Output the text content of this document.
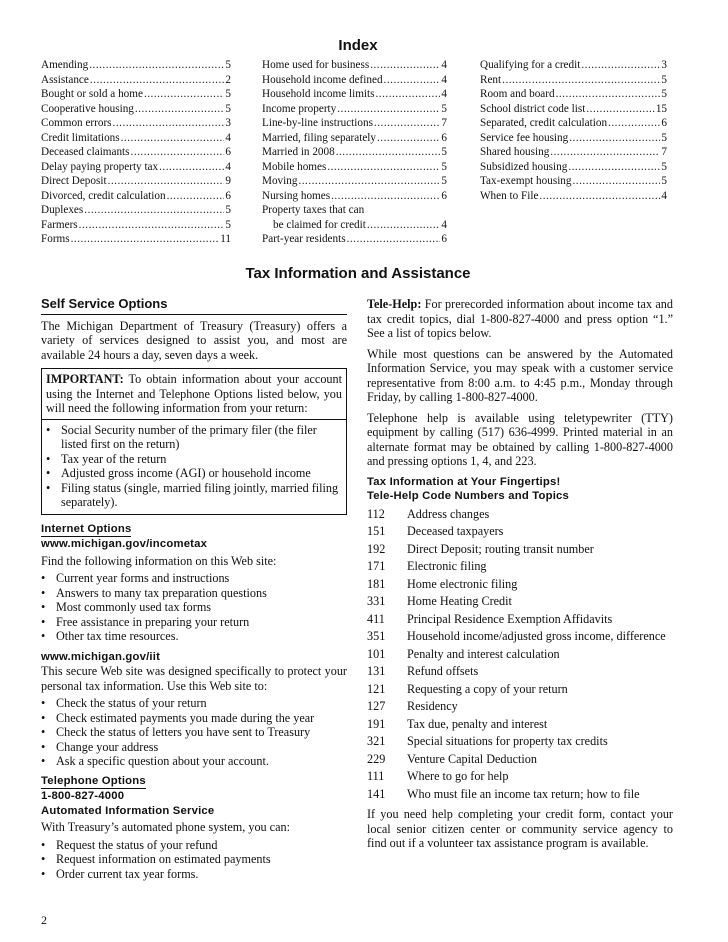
Index
Amending .....	5
Assistance .....	2
Bought or sold a home .....	5
Cooperative housing .....	5
Common errors .....	3
Credit limitations .....	4
Deceased claimants .....	6
Delay paying property tax .....	4
Direct Deposit .....	9
Divorced, credit calculation .....	6
Duplexes .....	5
Farmers .....	5
Forms .....	11
Home used for business .....	4
Household income defined .....	4
Household income limits .....	4
Income property .....	5
Line-by-line instructions .....	7
Married, filing separately .....	6
Married in 2008 .....	5
Mobile homes .....	5
Moving .....	5
Nursing homes .....	6
Property taxes that can
be claimed for credit .....	4
Part-year residents .....	6
Qualifying for a credit .....	3
Rent .....	5
Room and board .....	5
School district code list .....	15
Separated, credit calculation .....	6
Service fee housing .....	5
Shared housing .....	7
Subsidized housing .....	5
Tax-exempt housing .....	5
When to File .....	4
Tax Information and Assistance
Self Service Options
The Michigan Department of Treasury (Treasury) offers a variety of services designed to assist you, and most are available 24 hours a day, seven days a week.
IMPORTANT: To obtain information about your account using the Internet and Telephone Options listed below, you will need the following information from your return:
• Social Security number of the primary filer (the filer listed first on the return)
• Tax year of the return
• Adjusted gross income (AGI) or household income
• Filing status (single, married filing jointly, married filing separately).
Internet Options
www.michigan.gov/incometax
Find the following information on this Web site:
• Current year forms and instructions
• Answers to many tax preparation questions
• Most commonly used tax forms
• Free assistance in preparing your return
• Other tax time resources.
www.michigan.gov/iit
This secure Web site was designed specifically to protect your personal tax information. Use this Web site to:
• Check the status of your return
• Check estimated payments you made during the year
• Check the status of letters you have sent to Treasury
• Change your address
• Ask a specific question about your account.
Telephone Options
1-800-827-4000
Automated Information Service
With Treasury’s automated phone system, you can:
• Request the status of your refund
• Request information on estimated payments
• Order current tax year forms.
Tele-Help: For prerecorded information about income tax and tax credit topics, dial 1-800-827-4000 and press option “1.” See a list of topics below.
While most questions can be answered by the Automated Information Service, you may speak with a customer service representative from 8:00 a.m. to 4:45 p.m., Monday through Friday, by calling 1-800-827-4000.
Telephone help is available using teletypewriter (TTY) equipment by calling (517) 636-4999. Printed material in an alternate format may be obtained by calling 1-800-827-4000 and pressing options 1, 4, and 223.
Tax Information at Your Fingertips!
Tele-Help Code Numbers and Topics
112	Address changes
151	Deceased taxpayers
192	Direct Deposit; routing transit number
171	Electronic filing
181	Home electronic filing
331	Home Heating Credit
411	Principal Residence Exemption Affidavits
351	Household income/adjusted gross income, difference
101	Penalty and interest calculation
131	Refund offsets
121	Requesting a copy of your return
127	Residency
191	Tax due, penalty and interest
321	Special situations for property tax credits
229	Venture Capital Deduction
111	Where to go for help
141	Who must file an income tax return; how to file
If you need help completing your credit form, contact your local senior citizen center or community service agency to find out if a volunteer tax assistance program is available.
2
